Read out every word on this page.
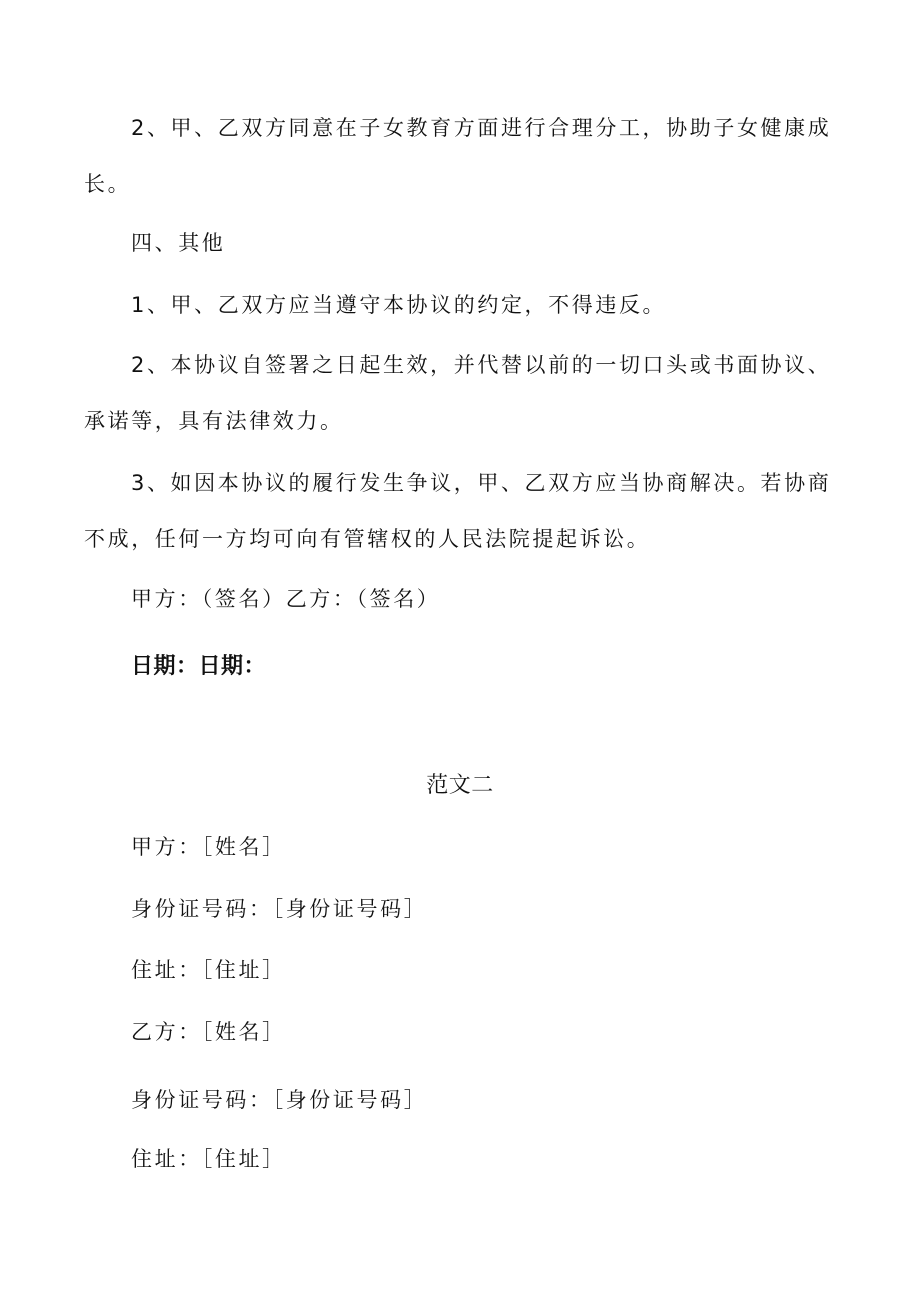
2、甲、乙双方同意在子女教育方面进行合理分工，协助子女健康成长。
四、其他
1、甲、乙双方应当遵守本协议的约定，不得违反。
2、本协议自签署之日起生效，并代替以前的一切口头或书面协议、承诺等，具有法律效力。
3、如因本协议的履行发生争议，甲、乙双方应当协商解决。若协商不成，任何一方均可向有管辖权的人民法院提起诉讼。
甲方：（签名）乙方：（签名）
日期：日期：
范文二
甲方：［姓名］
身份证号码：［身份证号码］
住址：［住址］
乙方：［姓名］
身份证号码：［身份证号码］
住址：［住址］
